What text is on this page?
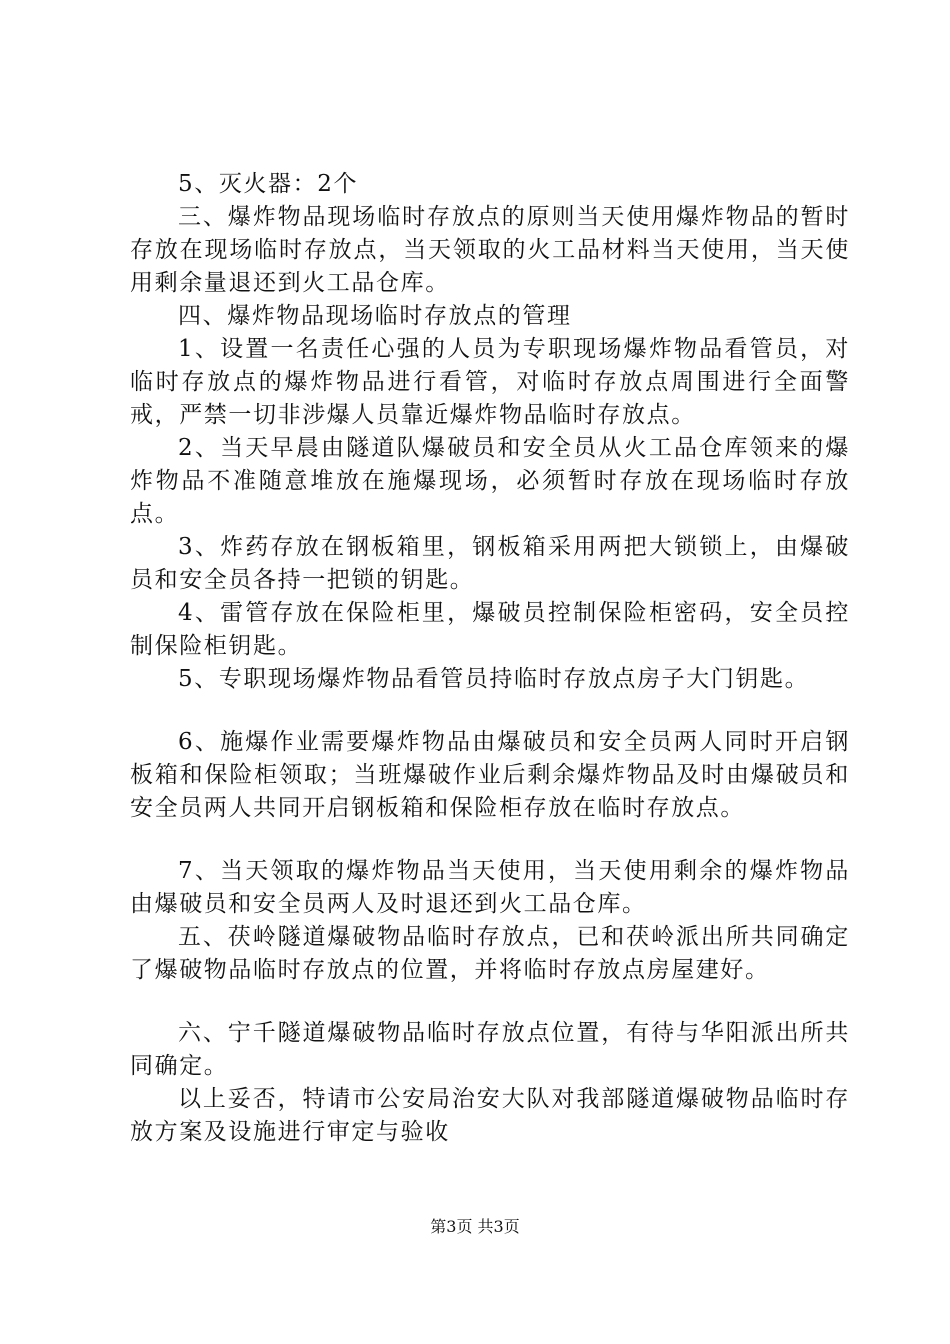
5、灭火器：2个

三、爆炸物品现场临时存放点的原则当天使用爆炸物品的暂时存放在现场临时存放点，当天领取的火工品材料当天使用，当天使用剩余量退还到火工品仓库。

四、爆炸物品现场临时存放点的管理

1、设置一名责任心强的人员为专职现场爆炸物品看管员，对临时存放点的爆炸物品进行看管，对临时存放点周围进行全面警戒，严禁一切非涉爆人员靠近爆炸物品临时存放点。

2、当天早晨由隧道队爆破员和安全员从火工品仓库领来的爆炸物品不准随意堆放在施爆现场，必须暂时存放在现场临时存放点。

3、炸药存放在钢板箱里，钢板箱采用两把大锁锁上，由爆破员和安全员各持一把锁的钥匙。

4、雷管存放在保险柜里，爆破员控制保险柜密码，安全员控制保险柜钥匙。

5、专职现场爆炸物品看管员持临时存放点房子大门钥匙。

6、施爆作业需要爆炸物品由爆破员和安全员两人同时开启钢板箱和保险柜领取；当班爆破作业后剩余爆炸物品及时由爆破员和安全员两人共同开启钢板箱和保险柜存放在临时存放点。

7、当天领取的爆炸物品当天使用，当天使用剩余的爆炸物品由爆破员和安全员两人及时退还到火工品仓库。

五、茯岭隧道爆破物品临时存放点，已和茯岭派出所共同确定了爆破物品临时存放点的位置，并将临时存放点房屋建好。

六、宁千隧道爆破物品临时存放点位置，有待与华阳派出所共同确定。

以上妥否，特请市公安局治安大队对我部隧道爆破物品临时存放方案及设施进行审定与验收

第3页 共3页
